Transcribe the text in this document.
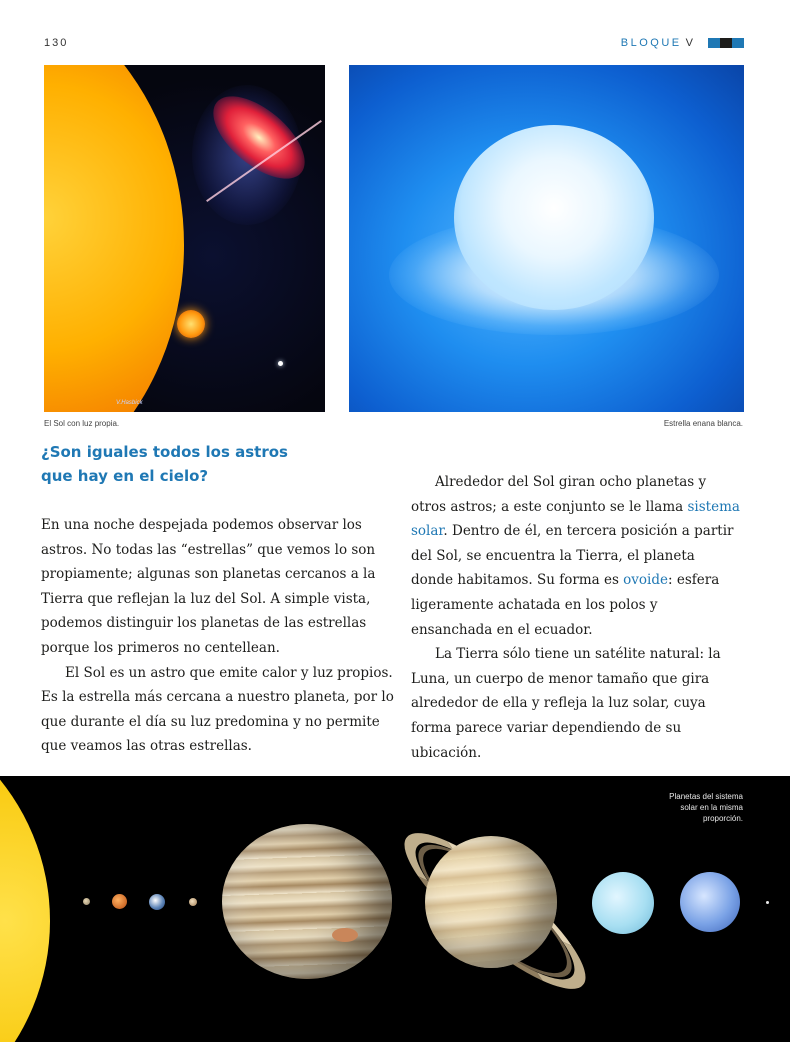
130	BLOQUE V
V.Hasbick
El Sol con luz propia.	Estrella enana blanca.
¿Son iguales todos los astros
que hay en el cielo?

En una noche despejada podemos observar los astros. No todas las “estrellas” que vemos lo son propiamente; algunas son planetas cercanos a la Tierra que reflejan la luz del Sol. A simple vista, podemos distinguir los planetas de las estrellas porque los primeros no centellean.

El Sol es un astro que emite calor y luz propios. Es la estrella más cercana a nuestro planeta, por lo que durante el día su luz predomina y no permite que veamos las otras estrellas.

Alrededor del Sol giran ocho planetas y otros astros; a este conjunto se le llama sistema solar. Dentro de él, en tercera posición a partir del Sol, se encuentra la Tierra, el planeta donde habitamos. Su forma es ovoide: esfera ligeramente achatada en los polos y ensanchada en el ecuador.

La Tierra sólo tiene un satélite natural: la Luna, un cuerpo de menor tamaño que gira alrededor de ella y refleja la luz solar, cuya forma parece variar dependiendo de su ubicación.

Planetas del sistema solar en la misma proporción.
